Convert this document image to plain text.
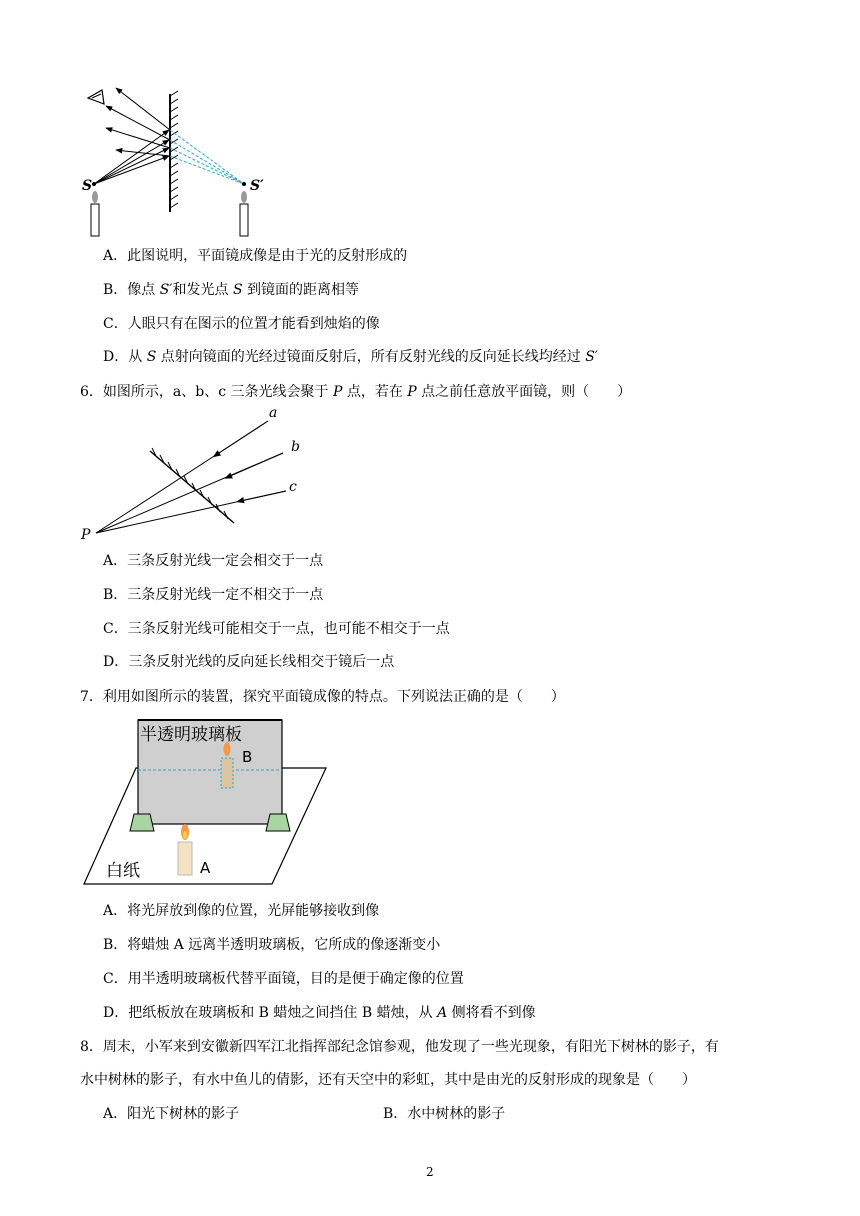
S	S′
A．此图说明，平面镜成像是由于光的反射形成的
B．像点 S′和发光点 S 到镜面的距离相等
C．人眼只有在图示的位置才能看到烛焰的像
D．从 S 点射向镜面的光经过镜面反射后，所有反射光线的反向延长线均经过 S′
6．如图所示，a、b、c 三条光线会聚于 P 点，若在 P 点之前任意放平面镜，则（　　）
a
b
c
P
A．三条反射光线一定会相交于一点
B．三条反射光线一定不相交于一点
C．三条反射光线可能相交于一点，也可能不相交于一点
D．三条反射光线的反向延长线相交于镜后一点
7．利用如图所示的装置，探究平面镜成像的特点。下列说法正确的是（　　）
半透明玻璃板
B
A
白纸
A．将光屏放到像的位置，光屏能够接收到像
B．将蜡烛 A 远离半透明玻璃板，它所成的像逐渐变小
C．用半透明玻璃板代替平面镜，目的是便于确定像的位置
D．把纸板放在玻璃板和 B 蜡烛之间挡住 B 蜡烛，从 A 侧将看不到像
8．周末，小军来到安徽新四军江北指挥部纪念馆参观，他发现了一些光现象，有阳光下树林的影子，有
水中树林的影子，有水中鱼儿的倩影，还有天空中的彩虹，其中是由光的反射形成的现象是（　　）
A．阳光下树林的影子	B．水中树林的影子
2
